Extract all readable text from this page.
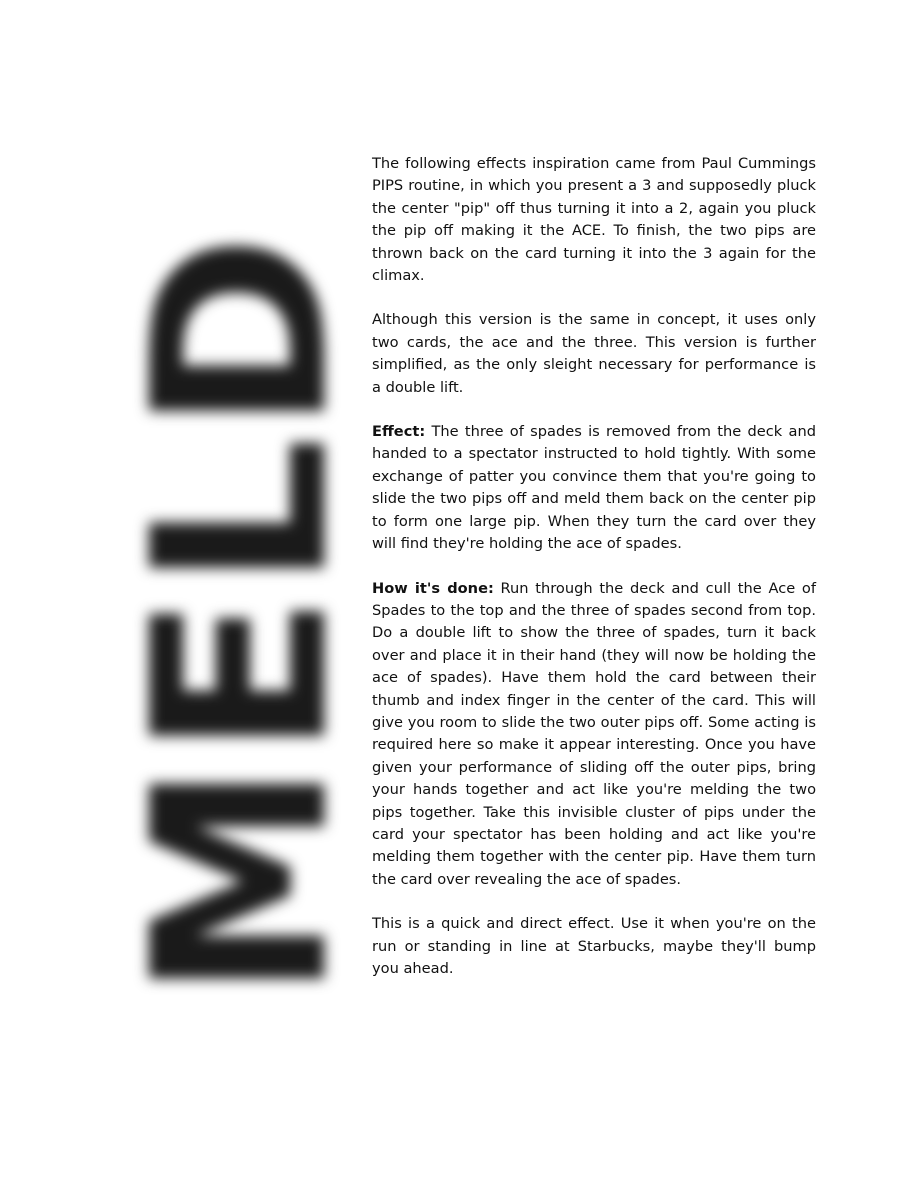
MELD

The following effects inspiration came from Paul Cummings PIPS routine, in which you present a 3 and supposedly pluck the center "pip" off thus turning it into a 2, again you pluck the pip off making it the ACE. To finish, the two pips are thrown back on the card turning it into the 3 again for the climax.

Although this version is the same in concept, it uses only two cards, the ace and the three. This version is further simplified, as the only sleight necessary for performance is a double lift.

Effect: The three of spades is removed from the deck and handed to a spectator instructed to hold tightly. With some exchange of patter you convince them that you're going to slide the two pips off and meld them back on the center pip to form one large pip. When they turn the card over they will find they're holding the ace of spades.

How it's done: Run through the deck and cull the Ace of Spades to the top and the three of spades second from top. Do a double lift to show the three of spades, turn it back over and place it in their hand (they will now be holding the ace of spades). Have them hold the card between their thumb and index finger in the center of the card. This will give you room to slide the two outer pips off. Some acting is required here so make it appear interesting. Once you have given your performance of sliding off the outer pips, bring your hands together and act like you're melding the two pips together. Take this invisible cluster of pips under the card your spectator has been holding and act like you're melding them together with the center pip. Have them turn the card over revealing the ace of spades.

This is a quick and direct effect. Use it when you're on the run or standing in line at Starbucks, maybe they'll bump you ahead.
